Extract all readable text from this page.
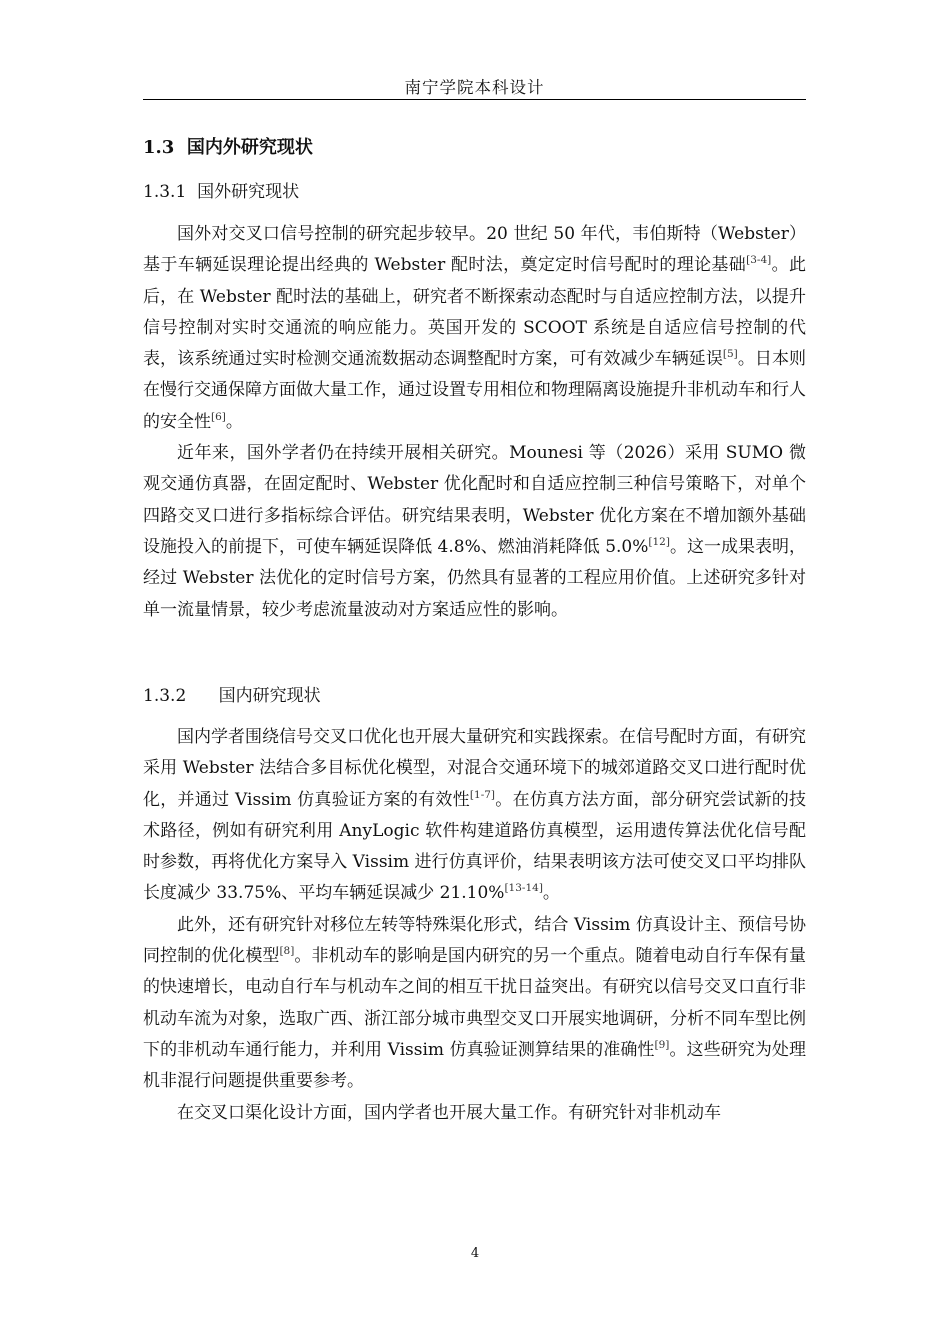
南宁学院本科设计
1.3  国内外研究现状
1.3.1  国外研究现状

国外对交叉口信号控制的研究起步较早。20 世纪 50 年代，韦伯斯特（Webster）基于车辆延误理论提出经典的 Webster 配时法，奠定定时信号配时的理论基础[3-4]。此后，在 Webster 配时法的基础上，研究者不断探索动态配时与自适应控制方法，以提升信号控制对实时交通流的响应能力。英国开发的 SCOOT 系统是自适应信号控制的代表，该系统通过实时检测交通流数据动态调整配时方案，可有效减少车辆延误[5]。日本则在慢行交通保障方面做大量工作，通过设置专用相位和物理隔离设施提升非机动车和行人的安全性[6]。

近年来，国外学者仍在持续开展相关研究。Mounesi 等（2026）采用 SUMO 微观交通仿真器，在固定配时、Webster 优化配时和自适应控制三种信号策略下，对单个四路交叉口进行多指标综合评估。研究结果表明，Webster 优化方案在不增加额外基础设施投入的前提下，可使车辆延误降低 4.8%、燃油消耗降低 5.0%[12]。这一成果表明，经过 Webster 法优化的定时信号方案，仍然具有显著的工程应用价值。上述研究多针对单一流量情景，较少考虑流量波动对方案适应性的影响。

1.3.2      国内研究现状

国内学者围绕信号交叉口优化也开展大量研究和实践探索。在信号配时方面，有研究采用 Webster 法结合多目标优化模型，对混合交通环境下的城郊道路交叉口进行配时优化，并通过 Vissim 仿真验证方案的有效性[1-7]。在仿真方法方面，部分研究尝试新的技术路径，例如有研究利用 AnyLogic 软件构建道路仿真模型，运用遗传算法优化信号配时参数，再将优化方案导入 Vissim 进行仿真评价，结果表明该方法可使交叉口平均排队长度减少 33.75%、平均车辆延误减少 21.10%[13-14]。

此外，还有研究针对移位左转等特殊渠化形式，结合 Vissim 仿真设计主、预信号协同控制的优化模型[8]。非机动车的影响是国内研究的另一个重点。随着电动自行车保有量的快速增长，电动自行车与机动车之间的相互干扰日益突出。有研究以信号交叉口直行非机动车流为对象，选取广西、浙江部分城市典型交叉口开展实地调研，分析不同车型比例下的非机动车通行能力，并利用 Vissim 仿真验证测算结果的准确性[9]。这些研究为处理机非混行问题提供重要参考。

在交叉口渠化设计方面，国内学者也开展大量工作。有研究针对非机动车

4
